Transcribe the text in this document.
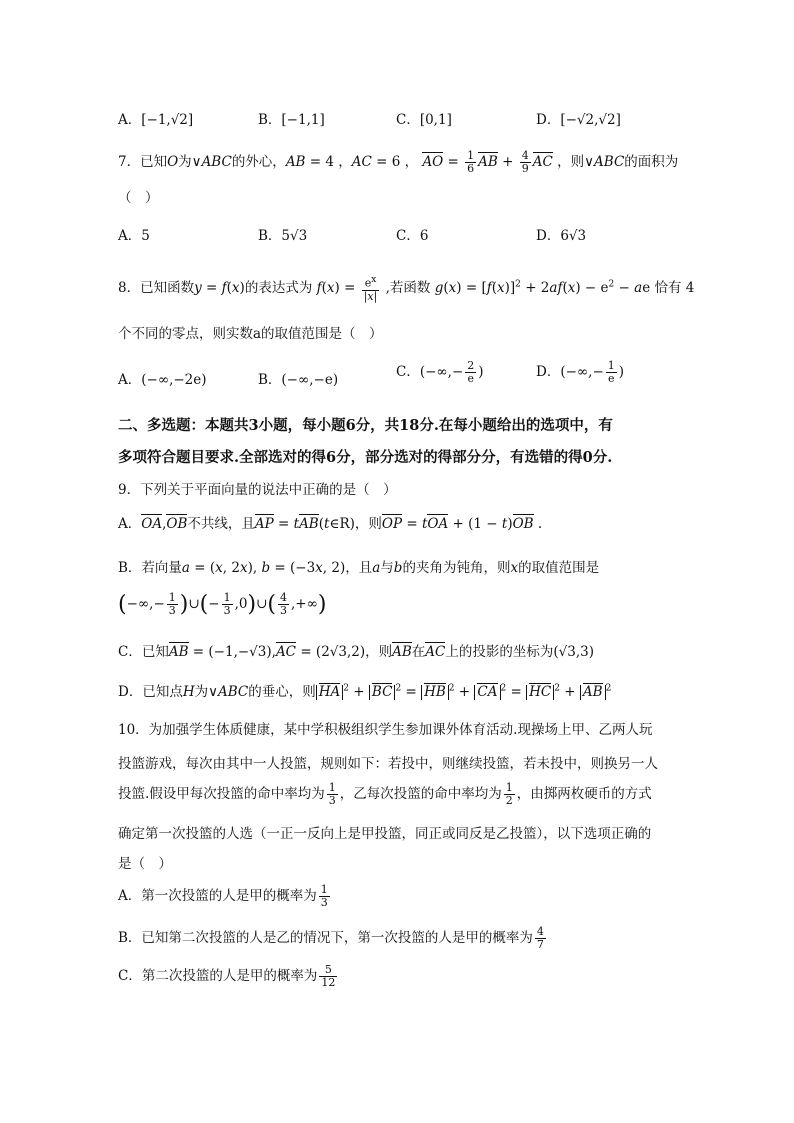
A．[−1,√2]	B．[−1,1]	C．[0,1]	D．[−√2,√2]
7．已知O为∨ABC的外心，AB = 4 ，AC = 6 ， AO = $\frac{1}{6}$ AB + $\frac{4}{9}$ AC ，则∨ABC的面积为
（　）
A．5	B．5√3	C．6	D．6√3
8．已知函数y = f(x)的表达式为 $f(x) = \frac{e^x}{|x|}$ ,若函数 $g(x) = [f(x)]^2 + 2af(x) - e^2$ − ae 恰有 4
个不同的零点，则实数a的取值范围是（　）
A．(−∞,−2e)	B．(−∞,−e)	C．(−∞,− $\frac{2}{e}$ )	D．(−∞,− $\frac{1}{e}$ )
二、多选题：本题共3小题，每小题6分，共18分.在每小题给出的选项中，有
多项符合题目要求.全部选对的得6分，部分选对的得部分分，有选错的得0分.
9．下列关于平面向量的说法中正确的是（　）
A．OA,OB不共线，且AP = tAB(t∈R)，则OP = tOA + (1 − t)OB .
B．若向量a = (x, 2x), b = (−3x, 2)，且a与b的夹角为钝角，则x的取值范围是
(−∞,− $\frac{1}{3}$ )∪(− $\frac{1}{3}$ ,0)∪( $\frac{4}{3}$ ,+∞)
C．已知AB = (−1,−√3),AC = (2√3,2)，则AB在AC上的投影的坐标为(√3,3)
D．已知点H为∨ABC的垂心，则 HA $^2$ + BC $^2$ = HB $^2$ + CA $^2$ = HC $^2$ + AB $^2$
10．为加强学生体质健康，某中学积极组织学生参加课外体育活动.现操场上甲、乙两人玩
投篮游戏，每次由其中一人投篮，规则如下：若投中，则继续投篮，若未投中，则换另一人
投篮.假设甲每次投篮的命中率均为 $\frac{1}{3}$ ，乙每次投篮的命中率均为 $\frac{1}{2}$ ，由掷两枚硬币的方式
确定第一次投篮的人选（一正一反向上是甲投篮，同正或同反是乙投篮），以下选项正确的
是（　）
A．第一次投篮的人是甲的概率为 $\frac{1}{3}$
B．已知第二次投篮的人是乙的情况下，第一次投篮的人是甲的概率为 $\frac{4}{7}$
C．第二次投篮的人是甲的概率为 $\frac{5}{12}$
